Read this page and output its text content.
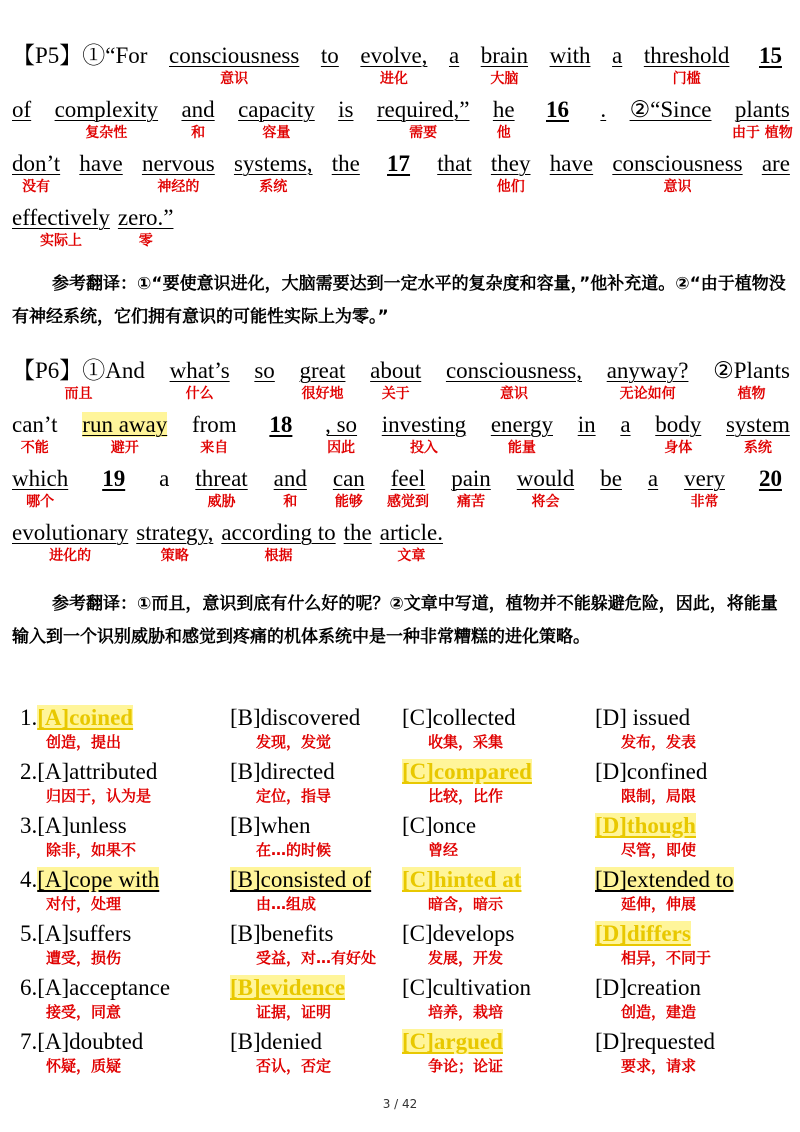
【P5】①“For consciousness
意识
to evolve,
进化
a brain
大脑
with a threshold
门槛
15
of complexity
复杂性
and
和
capacity
容量
is required,”
需要
he
他
16	. ②“Since plants
由于 植物
don’t
没有
have nervous
神经的
systems,
系统
the	17	that they
他们
have consciousness
意识
are
effectively
实际上
zero.”
零
参考翻译：①“要使意识进化，大脑需要达到一定水平的复杂度和容量，”他补充道。②“由于植物没有神经系统，它们拥有意识的可能性实际上为零。”
【P6】①And
而且
what’s
什么
so great
很好地
about
关于
consciousness,
意识
anyway?
无论如何
②Plants
植物
can’t
不能
run away
避开
from
来自
18	, so
因此
investing
投入
energy
能量
in a body
身体
system
系统
which
哪个
19	a threat
威胁
and
和
can
能够
feel
感觉到
pain
痛苦
would
将会
be a very
非常
20
evolutionary
进化的
strategy,
策略
according to
根据
the article.
文章
参考翻译：①而且，意识到底有什么好的呢？②文章中写道，植物并不能躲避危险，因此，将能量输入到一个识别威胁和感觉到疼痛的机体系统中是一种非常糟糕的进化策略。
1.[A]coined
创造，提出
[B]discovered
发现，发觉
[C]collected
收集，采集
[D] issued
发布，发表
2.[A]attributed
归因于，认为是
[B]directed
定位，指导
[C]compared
比较，比作
[D]confined
限制，局限
3.[A]unless
除非，如果不
[B]when
在…的时候
[C]once
曾经
[D]though
尽管，即使
4.[A]cope with
对付，处理
[B]consisted of
由…组成
[C]hinted at
暗含，暗示
[D]extended to
延伸，伸展
5.[A]suffers
遭受，损伤
[B]benefits
受益，对…有好处
[C]develops
发展，开发
[D]differs
相异，不同于
6.[A]acceptance
接受，同意
[B]evidence
证据，证明
[C]cultivation
培养，栽培
[D]creation
创造，建造
7.[A]doubted
怀疑，质疑
[B]denied
否认，否定
[C]argued
争论；论证
[D]requested
要求，请求
3 / 42
